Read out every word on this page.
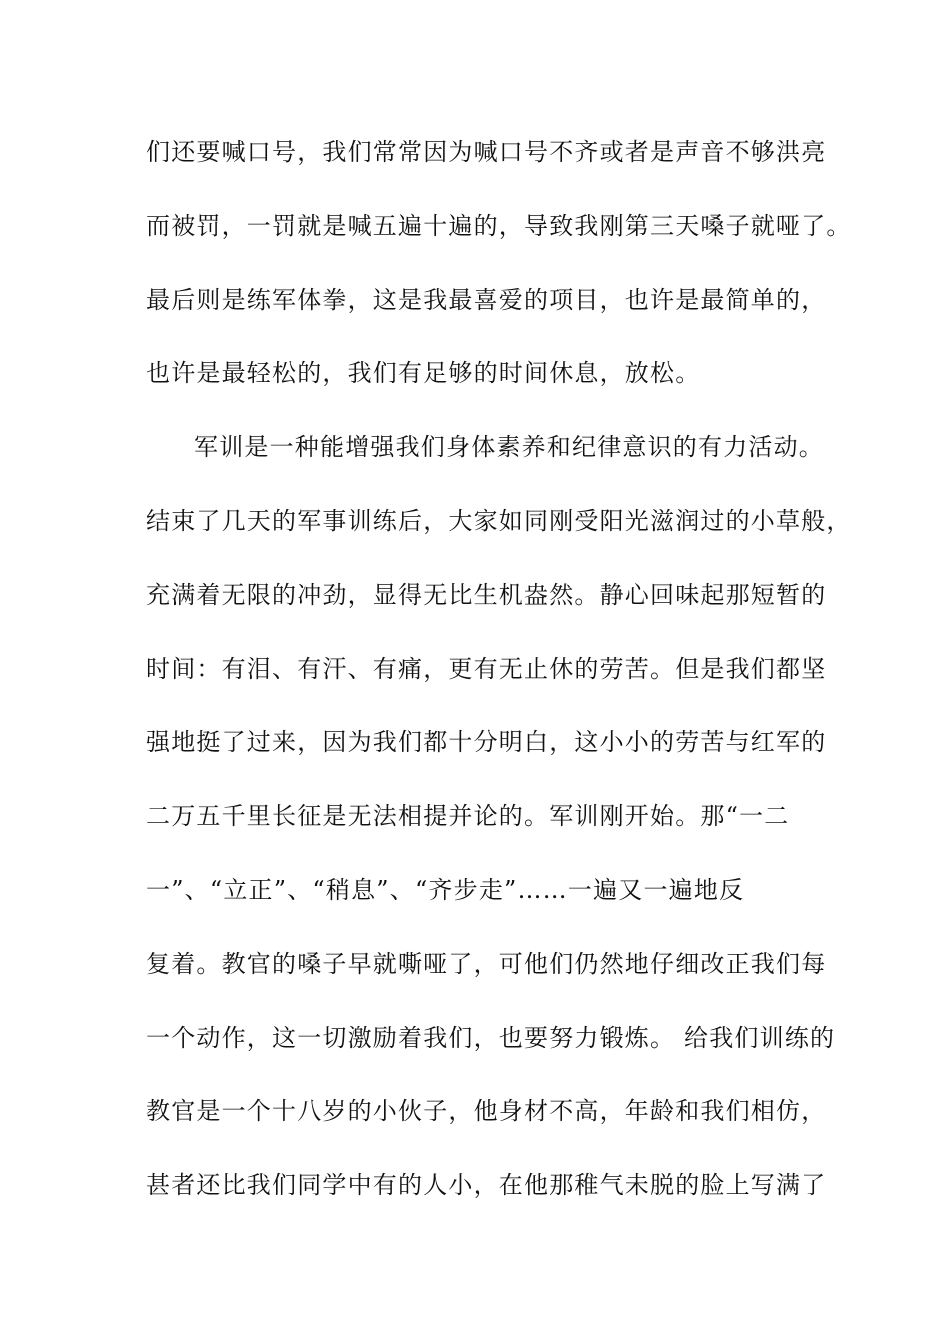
们还要喊口号，我们常常因为喊口号不齐或者是声音不够洪亮
而被罚，一罚就是喊五遍十遍的，导致我刚第三天嗓子就哑了。
最后则是练军体拳，这是我最喜爱的项目，也许是最简单的，
也许是最轻松的，我们有足够的时间休息，放松。
军训是一种能增强我们身体素养和纪律意识的有力活动。
结束了几天的军事训练后，大家如同刚受阳光滋润过的小草般，
充满着无限的冲劲，显得无比生机盎然。静心回味起那短暂的
时间：有泪、有汗、有痛，更有无止休的劳苦。但是我们都坚
强地挺了过来，因为我们都十分明白，这小小的劳苦与红军的
二万五千里长征是无法相提并论的。军训刚开始。那“一二
一”、“立正”、“稍息”、“齐步走”……一遍又一遍地反
复着。教官的嗓子早就嘶哑了，可他们仍然地仔细改正我们每
一个动作，这一切激励着我们，也要努力锻炼。 给我们训练的
教官是一个十八岁的小伙子，他身材不高，年龄和我们相仿，
甚者还比我们同学中有的人小，在他那稚气未脱的脸上写满了
